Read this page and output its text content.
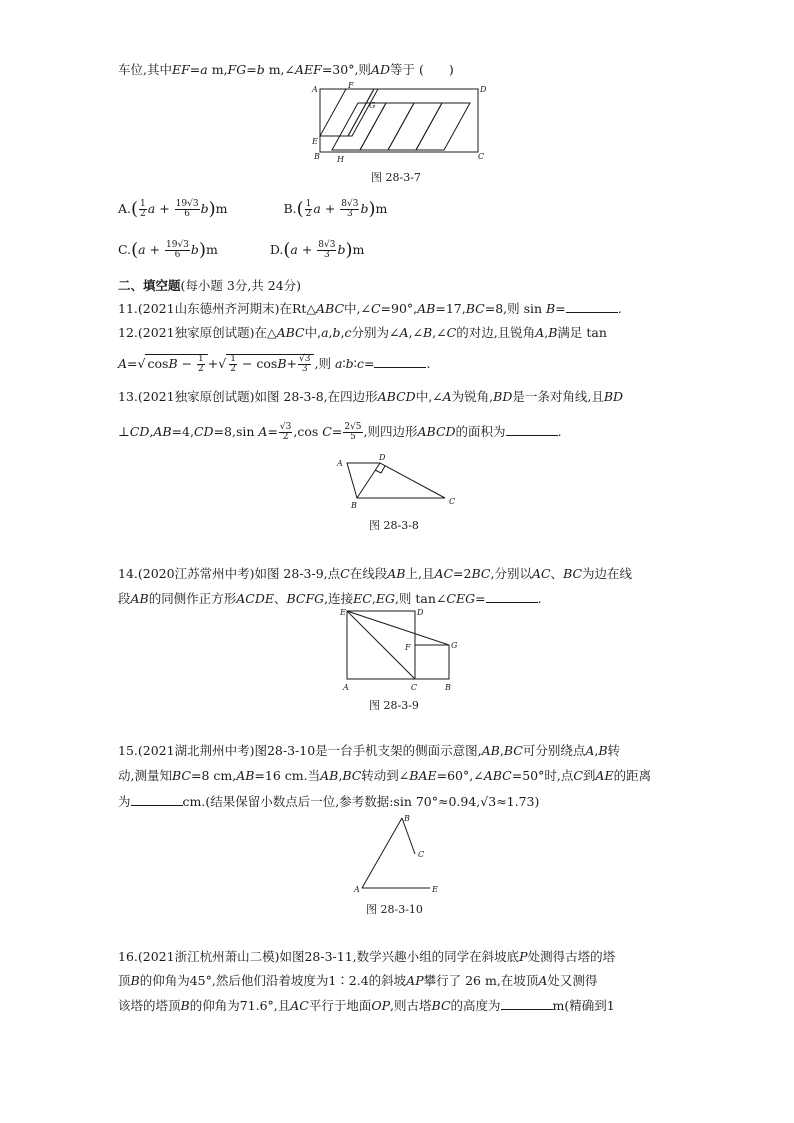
车位,其中EF=a m,FG=b m,∠AEF=30°,则AD等于 (　　)
A	F	D
G
E
B H	C
图 28-3-7
$A.( \frac{1}{2}$ $a + \frac{19√3}{6} b)m$	$B.( \frac{1}{2}$ $a + \frac{8√3}{3} b)m$
$C.(a + \frac{19√3}{6} b)m$	$D.(a + \frac{8√3}{3} b)m$
二、填空题(每小题 3分,共 24分)
11.(2021山东德州齐河期末)在Rt△ABC中,∠C=90°,AB=17,BC=8,则 sin B=	.
12.(2021独家原创试题)在△ABC中,a,b,c分别为∠A,∠B,∠C的对边,且锐角A,B满足 tan
A=√ $\cos B - \frac{1}{2}$ +√ $\frac{1}{2} - \cos B+ \frac{√3}{3}$ ,则 a∶b∶c=	.
13.(2021独家原创试题)如图 28-3-8,在四边形ABCD中,∠A为锐角,BD是一条对角线,且BD
⊥CD,AB=4,CD=8,sin $A= \frac{√3}{2} ,\cos$ $C= \frac{2√5}{5}$ ,则四边形ABCD的面积为	.
A
D
B	C
图 28-3-8
14.(2020江苏常州中考)如图 28-3-9,点C在线段AB上,且AC=2BC,分别以AC、BC为边在线
段AB的同侧作正方形ACDE、BCFG,连接EC,EG,则 tan∠CEG=	.
E	D
F	G
A	C	B
图 28-3-9
15.(2021湖北荆州中考)图28-3-10是一台手机支架的侧面示意图,AB,BC可分别绕点A,B转
动,测量知BC=8 cm,AB=16 cm.当AB,BC转动到∠BAE=60°,∠ABC=50°时,点C到AE的距离
为	cm.(结果保留小数点后一位,参考数据:sin 70°≈0.94,√3≈1.73)
B
C
A	E
图 28-3-10
16.(2021浙江杭州萧山二模)如图28-3-11,数学兴趣小组的同学在斜坡底P处测得古塔的塔
顶B的仰角为45°,然后他们沿着坡度为1∶2.4的斜坡AP攀行了 26 m,在坡顶A处又测得
该塔的塔顶B的仰角为71.6°,且AC平行于地面OP,则古塔BC的高度为	m(精确到1
